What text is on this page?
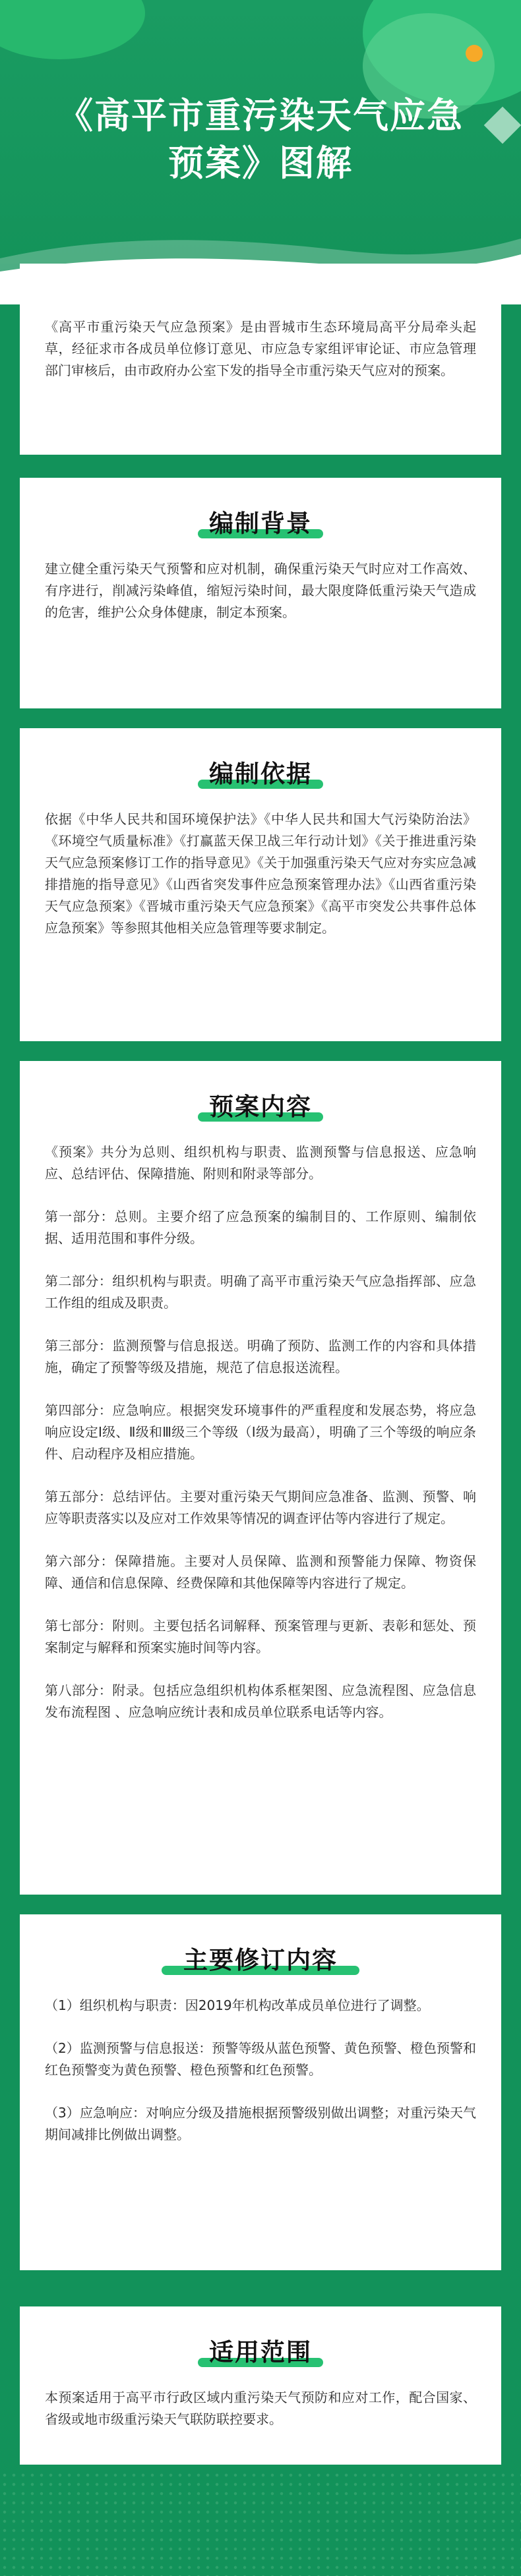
《高平市重污染天气应急
预案》图解

《高平市重污染天气应急预案》是由晋城市生态环境局高平分局牵头起草，经征求市各成员单位修订意见、市应急专家组评审论证、市应急管理部门审核后，由市政府办公室下发的指导全市重污染天气应对的预案。

编制背景

建立健全重污染天气预警和应对机制，确保重污染天气时应对工作高效、有序进行，削减污染峰值，缩短污染时间，最大限度降低重污染天气造成的危害，维护公众身体健康，制定本预案。

编制依据

依据《中华人民共和国环境保护法》《中华人民共和国大气污染防治法》《环境空气质量标准》《打赢蓝天保卫战三年行动计划》《关于推进重污染天气应急预案修订工作的指导意见》《关于加强重污染天气应对夯实应急减排措施的指导意见》《山西省突发事件应急预案管理办法》《山西省重污染天气应急预案》《晋城市重污染天气应急预案》《高平市突发公共事件总体应急预案》等参照其他相关应急管理等要求制定。

预案内容

《预案》共分为总则、组织机构与职责、监测预警与信息报送、应急响应、总结评估、保障措施、附则和附录等部分。

第一部分：总则。主要介绍了应急预案的编制目的、工作原则、编制依据、适用范围和事件分级。

第二部分：组织机构与职责。明确了高平市重污染天气应急指挥部、应急工作组的组成及职责。

第三部分：监测预警与信息报送。明确了预防、监测工作的内容和具体措施，确定了预警等级及措施，规范了信息报送流程。

第四部分：应急响应。根据突发环境事件的严重程度和发展态势，将应急响应设定Ⅰ级、Ⅱ级和Ⅲ级三个等级（Ⅰ级为最高），明确了三个等级的响应条件、启动程序及相应措施。

第五部分：总结评估。主要对重污染天气期间应急准备、监测、预警、响应等职责落实以及应对工作效果等情况的调查评估等内容进行了规定。

第六部分：保障措施。主要对人员保障、监测和预警能力保障、物资保障、通信和信息保障、经费保障和其他保障等内容进行了规定。

第七部分：附则。主要包括名词解释、预案管理与更新、表彰和惩处、预案制定与解释和预案实施时间等内容。

第八部分：附录。包括应急组织机构体系框架图、应急流程图、应急信息发布流程图 、应急响应统计表和成员单位联系电话等内容。

主要修订内容

（1）组织机构与职责：因2019年机构改革成员单位进行了调整。

（2）监测预警与信息报送：预警等级从蓝色预警、黄色预警、橙色预警和红色预警变为黄色预警、橙色预警和红色预警。

（3）应急响应：对响应分级及措施根据预警级别做出调整；对重污染天气期间减排比例做出调整。

适用范围

本预案适用于高平市行政区域内重污染天气预防和应对工作，配合国家、省级或地市级重污染天气联防联控要求。
